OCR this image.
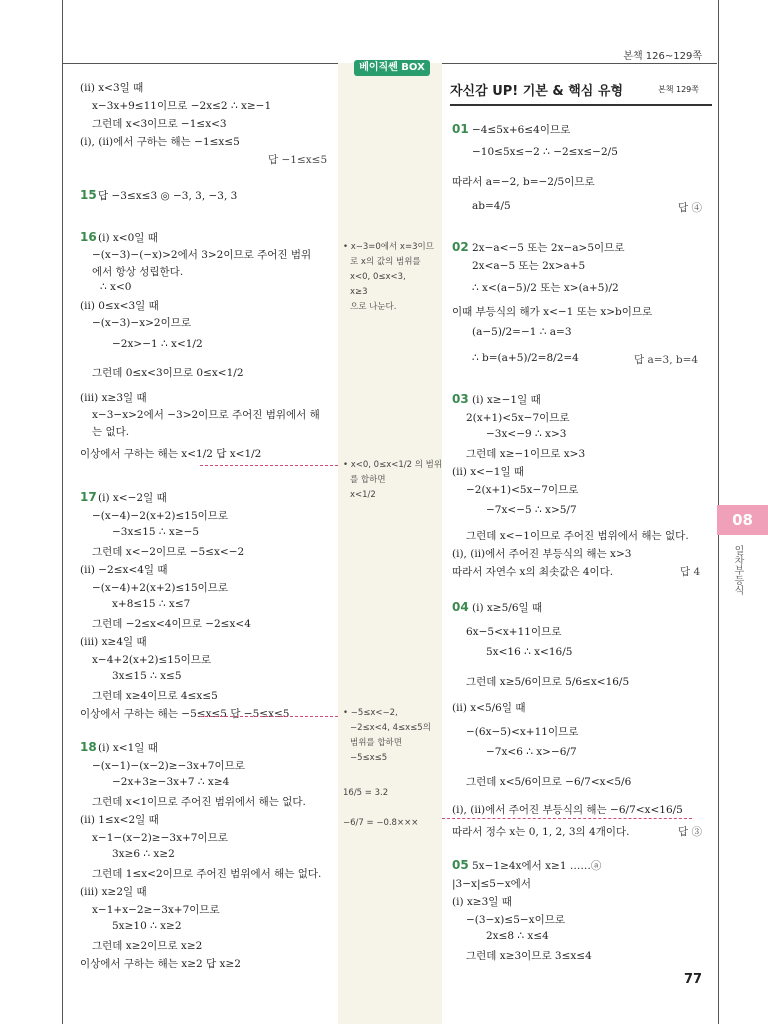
본책 126~129쪽
베이직쎈 BOX
자신감 UP! 기본 & 핵심 유형	본책 129쪽
(ⅱ) x<3일 때
x−3x+9≤11이므로 −2x≤2 ∴ x≥−1
그런데 x<3이므로 −1≤x<3
(ⅰ), (ⅱ)에서 구하는 해는 −1≤x≤5
답 −1≤x≤5
15 답 −3≤x≤3 ◎ −3, 3, −3, 3
16 (ⅰ) x<0일 때
−(x−3)−(−x)>2에서 3>2이므로 주어진 범위
에서 항상 성립한다.
∴ x<0
(ⅱ) 0≤x<3일 때
−(x−3)−x>2이므로
−2x>−1 ∴ x<1/2
그런데 0≤x<3이므로 0≤x<1/2
(ⅲ) x≥3일 때
x−3−x>2에서 −3>2이므로 주어진 범위에서 해
는 없다.
이상에서 구하는 해는 x<1/2 답 x<1/2
17 (ⅰ) x<−2일 때
−(x−4)−2(x+2)≤15이므로
−3x≤15 ∴ x≥−5
그런데 x<−2이므로 −5≤x<−2
(ⅱ) −2≤x<4일 때
−(x−4)+2(x+2)≤15이므로
x+8≤15 ∴ x≤7
그런데 −2≤x<4이므로 −2≤x<4
(ⅲ) x≥4일 때
x−4+2(x+2)≤15이므로
3x≤15 ∴ x≤5
그런데 x≥4이므로 4≤x≤5
이상에서 구하는 해는 −5≤x≤5 답 −5≤x≤5
18 (ⅰ) x<1일 때
−(x−1)−(x−2)≥−3x+7이므로
−2x+3≥−3x+7 ∴ x≥4
그런데 x<1이므로 주어진 범위에서 해는 없다.
(ⅱ) 1≤x<2일 때
x−1−(x−2)≥−3x+7이므로
3x≥6 ∴ x≥2
그런데 1≤x<2이므로 주어진 범위에서 해는 없다.
(ⅲ) x≥2일 때
x−1+x−2≥−3x+7이므로
5x≥10 ∴ x≥2
그런데 x≥2이므로 x≥2
이상에서 구하는 해는 x≥2 답 x≥2
01 −4≤5x+6≤4이므로
−10≤5x≤−2 ∴ −2≤x≤−2/5
따라서 a=−2, b=−2/5이므로
ab=4/5	답 ④
02 2x−a<−5 또는 2x−a>5이므로
2x<a−5 또는 2x>a+5
∴ x<(a−5)/2 또는 x>(a+5)/2
이때 부등식의 해가 x<−1 또는 x>b이므로
(a−5)/2=−1 ∴ a=3
∴ b=(a+5)/2=8/2=4	답 a=3, b=4
03 (ⅰ) x≥−1일 때
2(x+1)<5x−7이므로
−3x<−9 ∴ x>3
그런데 x≥−1이므로 x>3
(ⅱ) x<−1일 때
−2(x+1)<5x−7이므로
−7x<−5 ∴ x>5/7
그런데 x<−1이므로 주어진 범위에서 해는 없다.
(ⅰ), (ⅱ)에서 주어진 부등식의 해는 x>3
따라서 자연수 x의 최솟값은 4이다.	답 4
04 (ⅰ) x≥5/6일 때
6x−5<x+11이므로
5x<16 ∴ x<16/5
그런데 x≥5/6이므로 5/6≤x<16/5
(ⅱ) x<5/6일 때
−(6x−5)<x+11이므로
−7x<6 ∴ x>−6/7
그런데 x<5/6이므로 −6/7<x<5/6
(ⅰ), (ⅱ)에서 주어진 부등식의 해는 −6/7<x<16/5
따라서 정수 x는 0, 1, 2, 3의 4개이다.	답 ③
05 5x−1≥4x에서 x≥1 ……ⓐ
|3−x|≤5−x에서
(ⅰ) x≥3일 때
−(3−x)≤5−x이므로
2x≤8 ∴ x≤4
그런데 x≥3이므로 3≤x≤4
• x−3=0에서 x=3이므
로 x의 값의 범위를
x<0, 0≤x<3,
x≥3
으로 나눈다.
• x<0, 0≤x<1/2 의 범위
를 합하면
x<1/2
• −5≤x<−2,
−2≤x<4, 4≤x≤5의
범위를 합하면
−5≤x≤5
16/5 = 3.2
−6/7 = −0.8×××
08
일차부등식
77
